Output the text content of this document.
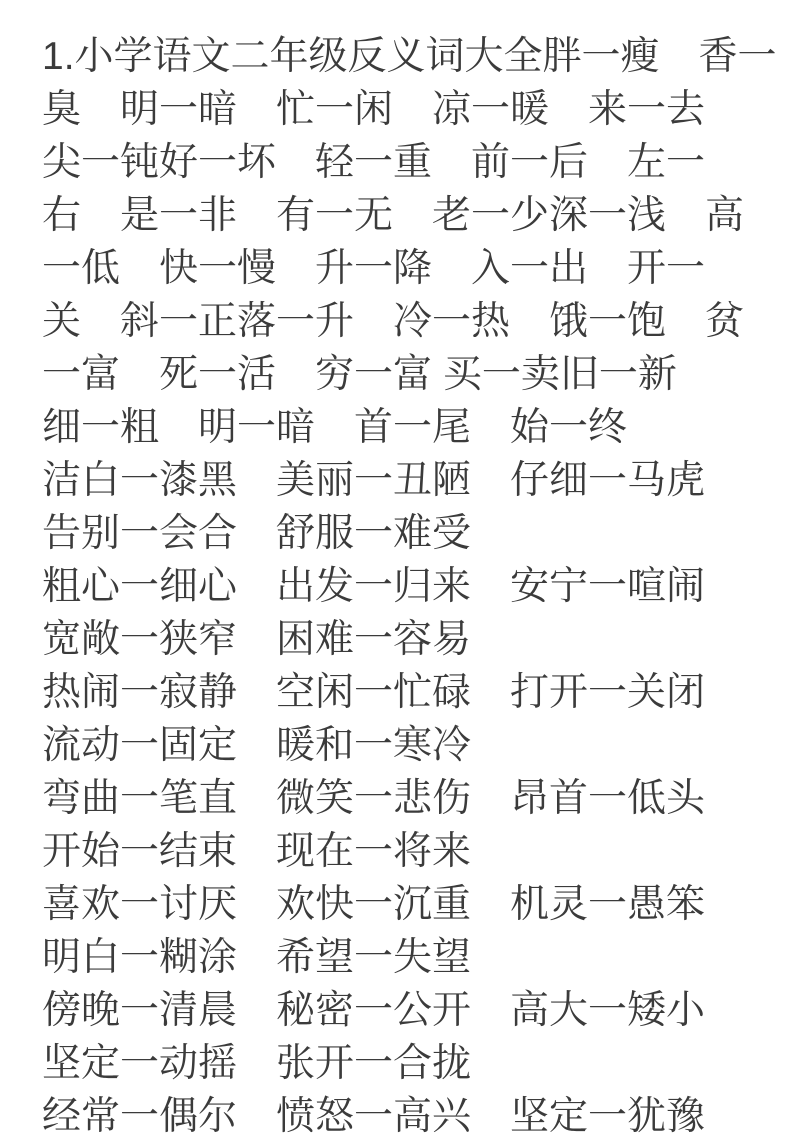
1.小学语文二年级反义词大全胖一瘦　香一
臭　明一暗　忙一闲　凉一暖　来一去
尖一钝好一坏　轻一重　前一后　左一
右　是一非　有一无　老一少深一浅　高
一低　快一慢　升一降　入一出　开一
关　斜一正落一升　冷一热　饿一饱　贫
一富　死一活　穷一富 买一卖旧一新
细一粗　明一暗　首一尾　始一终
洁白一漆黑　美丽一丑陋　仔细一马虎
告别一会合　舒服一难受
粗心一细心　出发一归来　安宁一喧闹
宽敞一狭窄　困难一容易
热闹一寂静　空闲一忙碌　打开一关闭
流动一固定　暖和一寒冷
弯曲一笔直　微笑一悲伤　昂首一低头
开始一结束　现在一将来
喜欢一讨厌　欢快一沉重　机灵一愚笨
明白一糊涂　希望一失望
傍晚一清晨　秘密一公开　高大一矮小
坚定一动摇　张开一合拢
经常一偶尔　愤怒一高兴　坚定一犹豫
